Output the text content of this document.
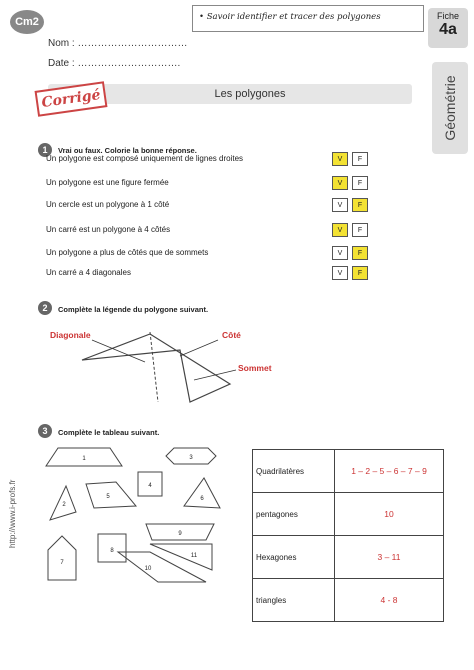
Cm2
Nom : ……………………………
Date : ………………………….
• Savoir identifier et tracer des polygones	Fiche
4a
Géométrie
Corrigé	Les polygones
1	Vrai ou faux. Colorie la bonne réponse.
Un polygone est composé uniquement de lignes droites	V	F
Un polygone est une figure fermée	V	F
Un cercle est un polygone à 1 côté	V	F
Un carré est un polygone à 4 côtés	V	F
Un polygone a plus de côtés que de sommets	V	F
Un carré a 4 diagonales	V	F
2	Complète la légende du polygone suivant.
Diagonale	Côté
Sommet
3	Complète le tableau suivant.
1	3
4
2
5	6
7
8
9
10
11
Quadrilatères	1 – 2 – 5 – 6 – 7 – 9
pentagones	10
Hexagones	3 – 11
triangles	4 - 8
http://www.i-profs.fr
